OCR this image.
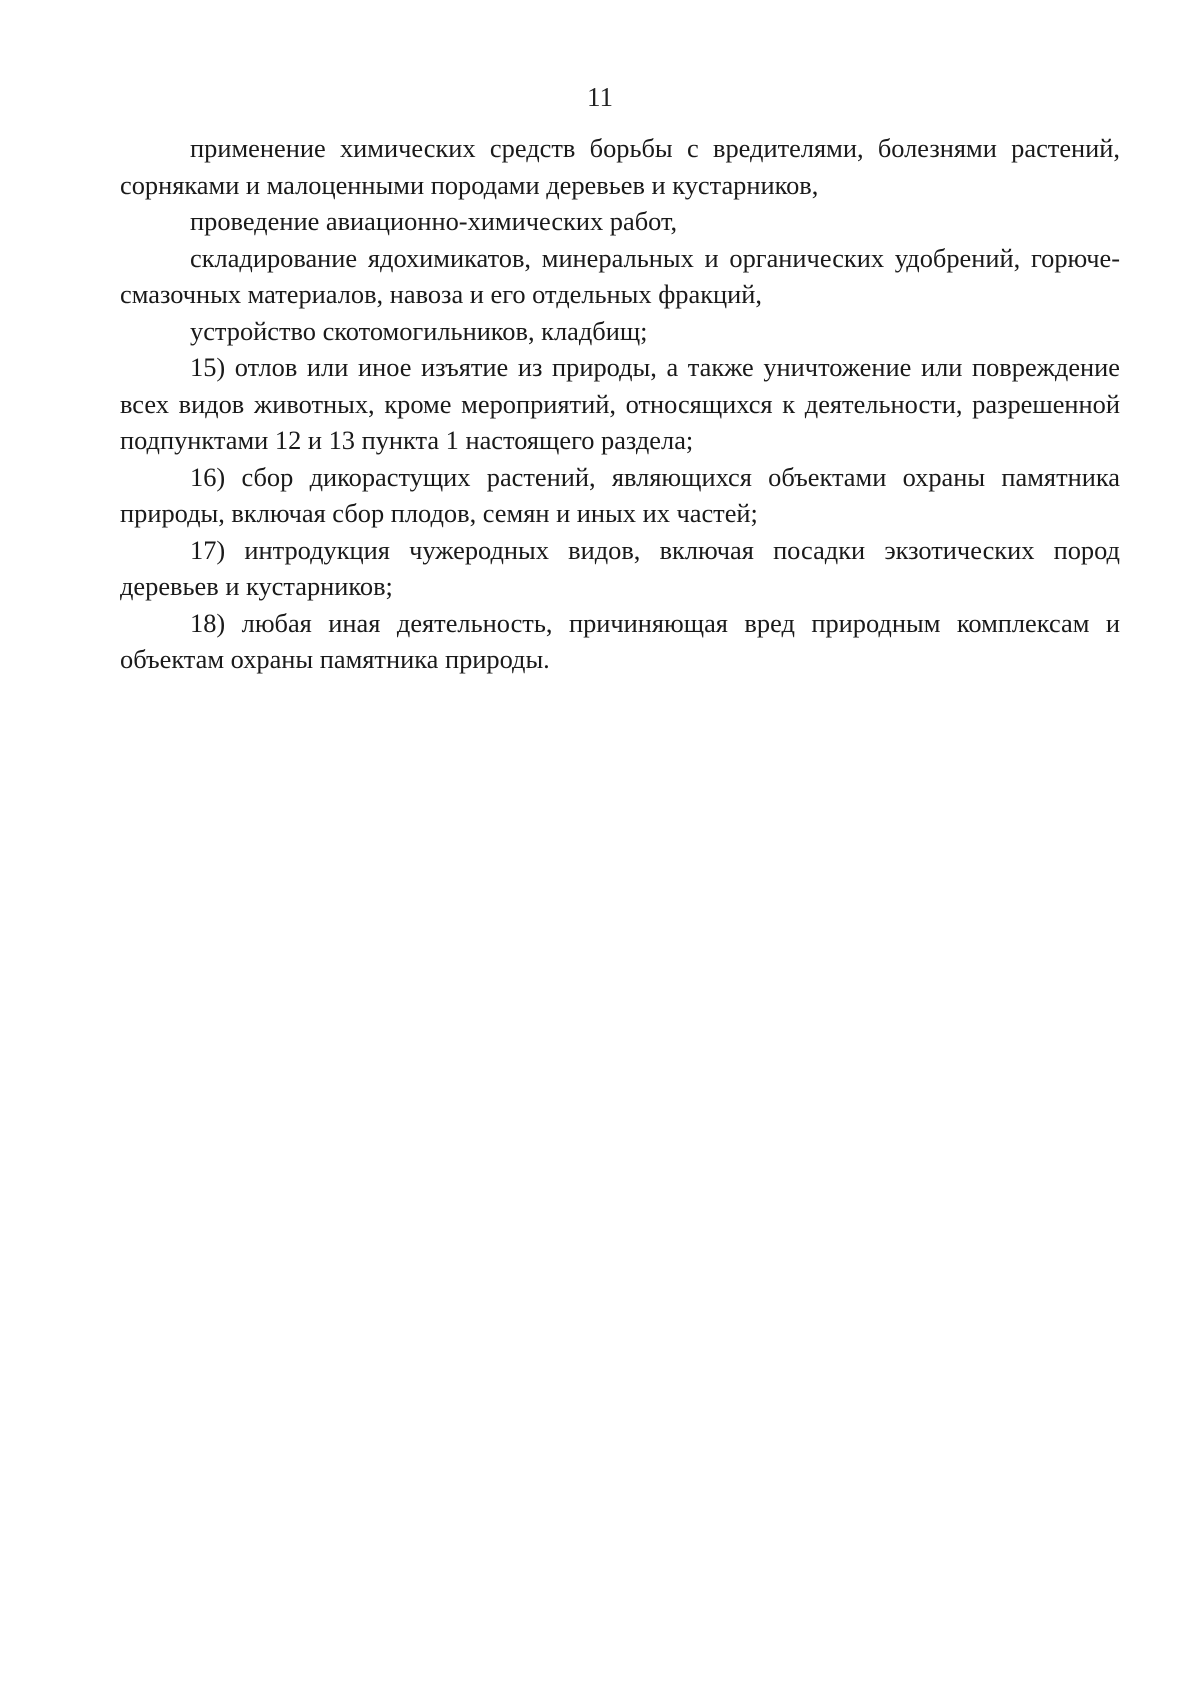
11

применение химических средств борьбы с вредителями, болезнями растений, сорняками и малоценными породами деревьев и кустарников,

проведение авиационно-химических работ,

складирование ядохимикатов, минеральных и органических удобрений, горюче-смазочных материалов, навоза и его отдельных фракций,

устройство скотомогильников, кладбищ;

15) отлов или иное изъятие из природы, а также уничтожение или повреждение всех видов животных, кроме мероприятий, относящихся к деятельности, разрешенной подпунктами 12 и 13 пункта 1 настоящего раздела;

16) сбор дикорастущих растений, являющихся объектами охраны памятника природы, включая сбор плодов, семян и иных их частей;

17) интродукция чужеродных видов, включая посадки экзотических пород деревьев и кустарников;

18) любая иная деятельность, причиняющая вред природным комплексам и объектам охраны памятника природы.
